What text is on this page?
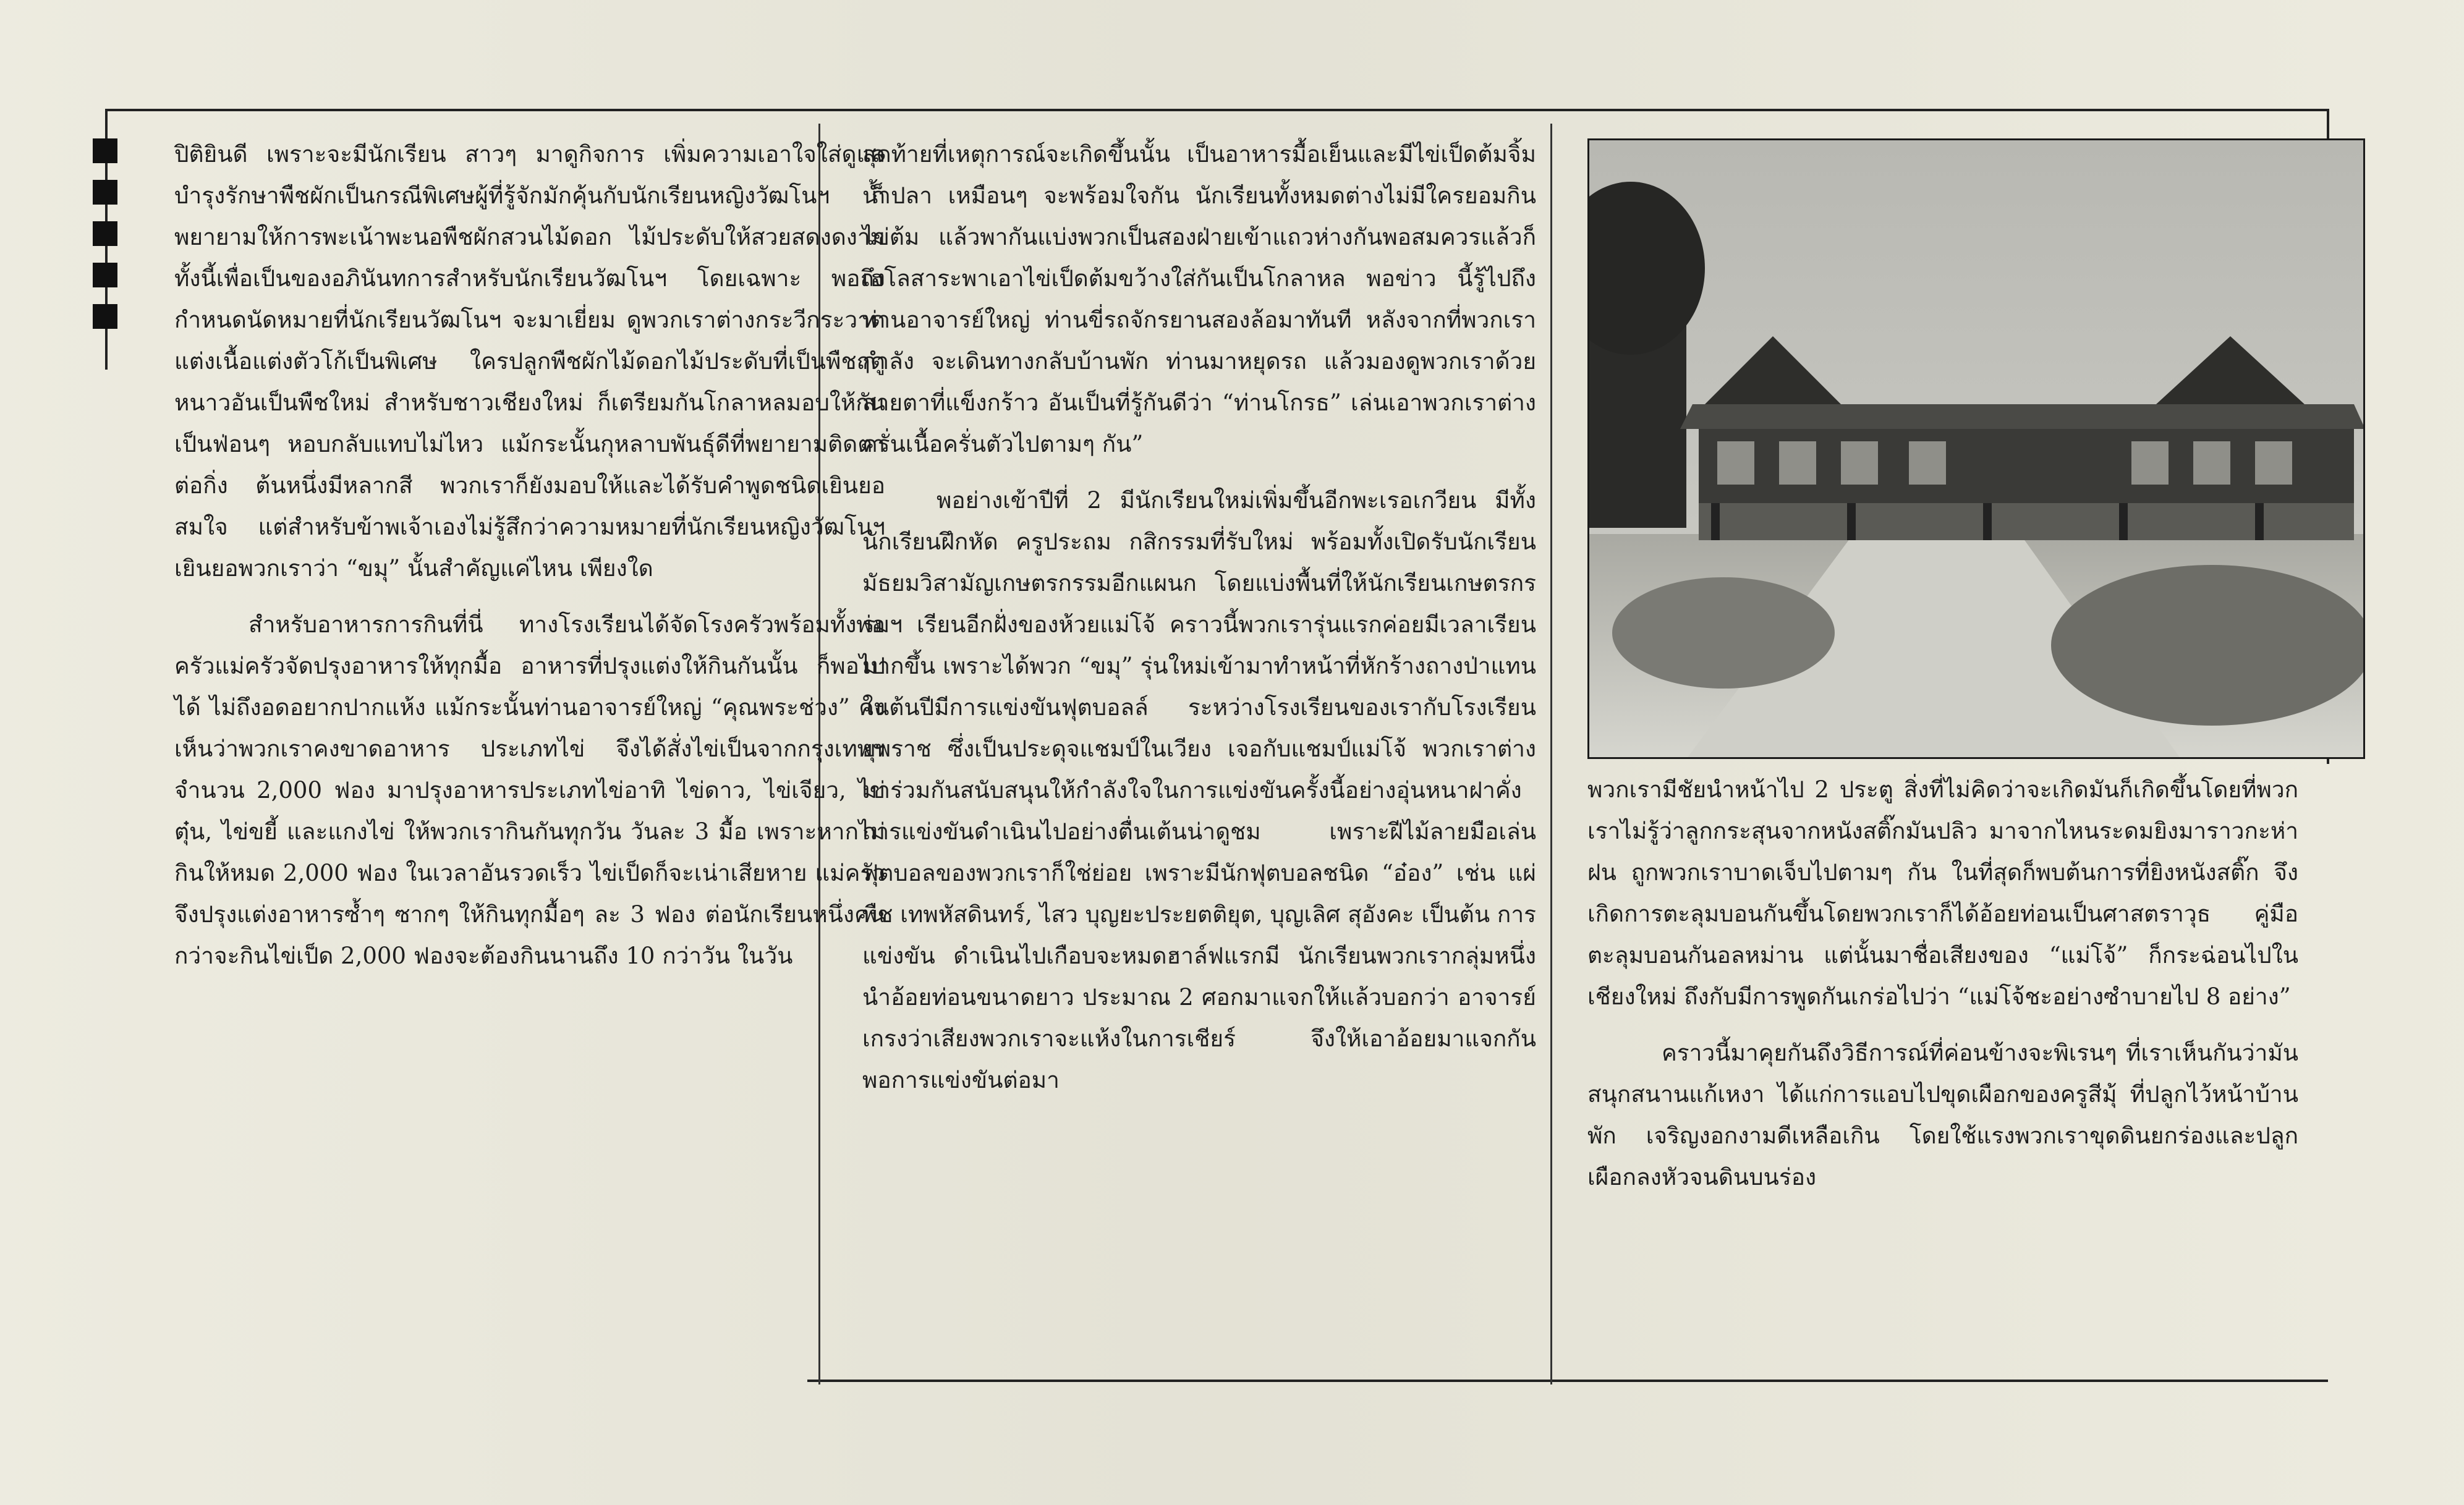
ปิติยินดี เพราะจะมีนักเรียน สาวๆ มาดูกิจการ เพิ่มความเอาใจใส่ดูแลบำรุงรักษาพืชผักเป็นกรณีพิเศษผู้ที่รู้จักมักคุ้นกับนักเรียนหญิงวัฒโนฯ ก็พยายามให้การพะเน้าพะนอพืชผักสวนไม้ดอก ไม้ประดับให้สวยสดงดงาม ทั้งนี้เพื่อเป็นของอภินันทการสำหรับนักเรียนวัฒโนฯ โดยเฉพาะ พอถึงกำหนดนัดหมายที่นักเรียนวัฒโนฯ จะมาเยี่ยม ดูพวกเราต่างกระวีกระวาดแต่งเนื้อแต่งตัวโก้เป็นพิเศษ ใครปลูกพืชผักไม้ดอกไม้ประดับที่เป็นพืชฤดูหนาวอันเป็นพืชใหม่ สำหรับชาวเชียงใหม่ ก็เตรียมกันโกลาหลมอบให้กันเป็นฟ่อนๆ หอบกลับแทบไม่ไหว แม้กระนั้นกุหลาบพันธุ์ดีที่พยายามติดตาต่อกิ่ง ต้นหนึ่งมีหลากสี พวกเราก็ยังมอบให้และได้รับคำพูดชนิดเยินยอสมใจ แต่สำหรับข้าพเจ้าเองไม่รู้สึกว่าความหมายที่นักเรียนหญิงวัฒโนฯ เยินยอพวกเราว่า “ขมุ” นั้นสำคัญแค่ไหน เพียงใด

สำหรับอาหารการกินที่นี่ ทางโรงเรียนได้จัดโรงครัวพร้อมทั้งพ่อครัวแม่ครัวจัดปรุงอาหารให้ทุกมื้อ อาหารที่ปรุงแต่งให้กินกันนั้น ก็พอไปได้ ไม่ถึงอดอยากปากแห้ง แม้กระนั้นท่านอาจารย์ใหญ่ “คุณพระช่วง” คงเห็นว่าพวกเราคงขาดอาหาร ประเภทไข่ จึงได้สั่งไข่เป็นจากกรุงเทพฯ จำนวน 2,000 ฟอง มาปรุงอาหารประเภทไข่อาทิ ไข่ดาว, ไข่เจียว, ไข่ตุ๋น, ไข่ขยี้ และแกงไข่ ให้พวกเรากินกันทุกวัน วันละ 3 มื้อ เพราะหากไม่กินให้หมด 2,000 ฟอง ในเวลาอันรวดเร็ว ไข่เป็ดก็จะเน่าเสียหาย แม่ครัวจึงปรุงแต่งอาหารซ้ำๆ ซากๆ ให้กินทุกมื้อๆ ละ 3 ฟอง ต่อนักเรียนหนึ่งคน กว่าจะกินไข่เป็ด 2,000 ฟองจะต้องกินนานถึง 10 กว่าวัน ในวัน

สุดท้ายที่เหตุการณ์จะเกิดขึ้นนั้น เป็นอาหารมื้อเย็นและมีไข่เป็ดต้มจิ้มน้ำปลา เหมือนๆ จะพร้อมใจกัน นักเรียนทั้งหมดต่างไม่มีใครยอมกินไข่ต้ม แล้วพากันแบ่งพวกเป็นสองฝ่ายเข้าแถวห่างกันพอสมควรแล้วก็เฮโลสาระพาเอาไข่เป็ดต้มขว้างใส่กันเป็นโกลาหล พอข่าว นี้รู้ไปถึงท่านอาจารย์ใหญ่ ท่านขี่รถจักรยานสองล้อมาทันที หลังจากที่พวกเรากำลัง จะเดินทางกลับบ้านพัก ท่านมาหยุดรถ แล้วมองดูพวกเราด้วยสายตาที่แข็งกร้าว อันเป็นที่รู้กันดีว่า “ท่านโกรธ” เล่นเอาพวกเราต่างครั่นเนื้อครั่นตัวไปตามๆ กัน”

พอย่างเข้าปีที่ 2 มีนักเรียนใหม่เพิ่มขึ้นอีกพะเรอเกวียน มีทั้งนักเรียนฝึกหัด ครูประถม กสิกรรมที่รับใหม่ พร้อมทั้งเปิดรับนักเรียนมัธยมวิสามัญเกษตรกรรมอีกแผนก โดยแบ่งพื้นที่ให้นักเรียนเกษตรกรรมฯ เรียนอีกฝั่งของห้วยแม่โจ้ คราวนี้พวกเรารุ่นแรกค่อยมีเวลาเรียนมากขึ้น เพราะได้พวก “ขมุ” รุ่นใหม่เข้ามาทำหน้าที่หักร้างถางป่าแทน ในต้นปีมีการแข่งขันฟุตบอลล์ ระหว่างโรงเรียนของเรากับโรงเรียนยุพราช ซึ่งเป็นประดุจแชมป์ในเวียง เจอกับแชมป์แม่โจ้ พวกเราต่างมาร่วมกันสนับสนุนให้กำลังใจในการแข่งขันครั้งนี้อย่างอุ่นหนาฝาคั่ง การแข่งขันดำเนินไปอย่างตื่นเต้นน่าดูชม เพราะฝีไม้ลายมือเล่นฟุตบอลของพวกเราก็ใช่ย่อย เพราะมีนักฟุตบอลชนิด “อ๋อง” เช่น แผ่พืช เทพหัสดินทร์, ไสว บุญยะประยตติยุต, บุญเลิศ สุอังคะ เป็นต้น การแข่งขัน ดำเนินไปเกือบจะหมดฮาล์ฟแรกมี นักเรียนพวกเรากลุ่มหนึ่งนำอ้อยท่อนขนาดยาว ประมาณ 2 ศอกมาแจกให้แล้วบอกว่า อาจารย์เกรงว่าเสียงพวกเราจะแห้งในการเชียร์ จึงให้เอาอ้อยมาแจกกัน พอการแข่งขันต่อมา

พวกเรามีชัยนำหน้าไป 2 ประตู สิ่งที่ไม่คิดว่าจะเกิดมันก็เกิดขึ้นโดยที่พวกเราไม่รู้ว่าลูกกระสุนจากหนังสติ๊กมันปลิว มาจากไหนระดมยิงมาราวกะห่าฝน ถูกพวกเราบาดเจ็บไปตามๆ กัน ในที่สุดก็พบต้นการที่ยิงหนังสติ๊ก จึงเกิดการตะลุมบอนกันขึ้นโดยพวกเราก็ได้อ้อยท่อนเป็นศาสตราวุธ คู่มือ ตะลุมบอนกันอลหม่าน แต่นั้นมาชื่อเสียงของ “แม่โจ้” ก็กระฉ่อนไปในเชียงใหม่ ถึงกับมีการพูดกันเกร่อไปว่า “แม่โจ้ชะอย่างซำบายไป 8 อย่าง”

คราวนี้มาคุยกันถึงวิธีการณ์ที่ค่อนข้างจะพิเรนๆ ที่เราเห็นกันว่ามันสนุกสนานแก้เหงา ได้แก่การแอบไปขุดเผือกของครูสีมุ้ ที่ปลูกไว้หน้าบ้านพัก เจริญงอกงามดีเหลือเกิน โดยใช้แรงพวกเราขุดดินยกร่องและปลูกเผือกลงหัวจนดินบนร่อง
